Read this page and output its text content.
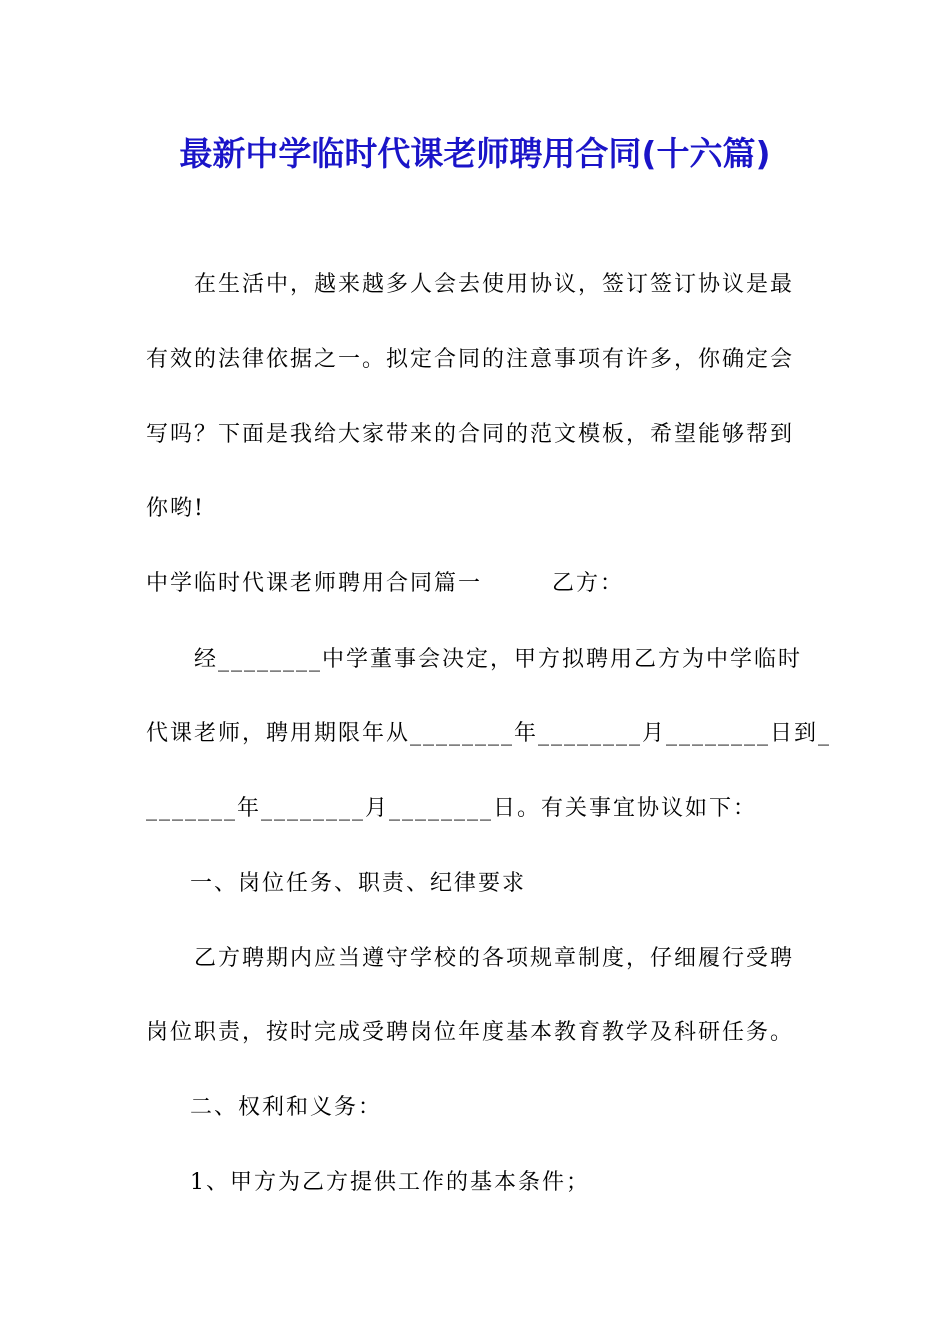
最新中学临时代课老师聘用合同(十六篇)
在生活中，越来越多人会去使用协议，签订签订协议是最
有效的法律依据之一。拟定合同的注意事项有许多，你确定会
写吗？下面是我给大家带来的合同的范文模板，希望能够帮到
你哟!
中学临时代课老师聘用合同篇一	乙方：
经________中学董事会决定，甲方拟聘用乙方为中学临时
代课老师，聘用期限年从________年________月________日到_
_______年________月________日。有关事宜协议如下：
一、岗位任务、职责、纪律要求
乙方聘期内应当遵守学校的各项规章制度，仔细履行受聘
岗位职责，按时完成受聘岗位年度基本教育教学及科研任务。
二、权利和义务：
1、甲方为乙方提供工作的基本条件；
